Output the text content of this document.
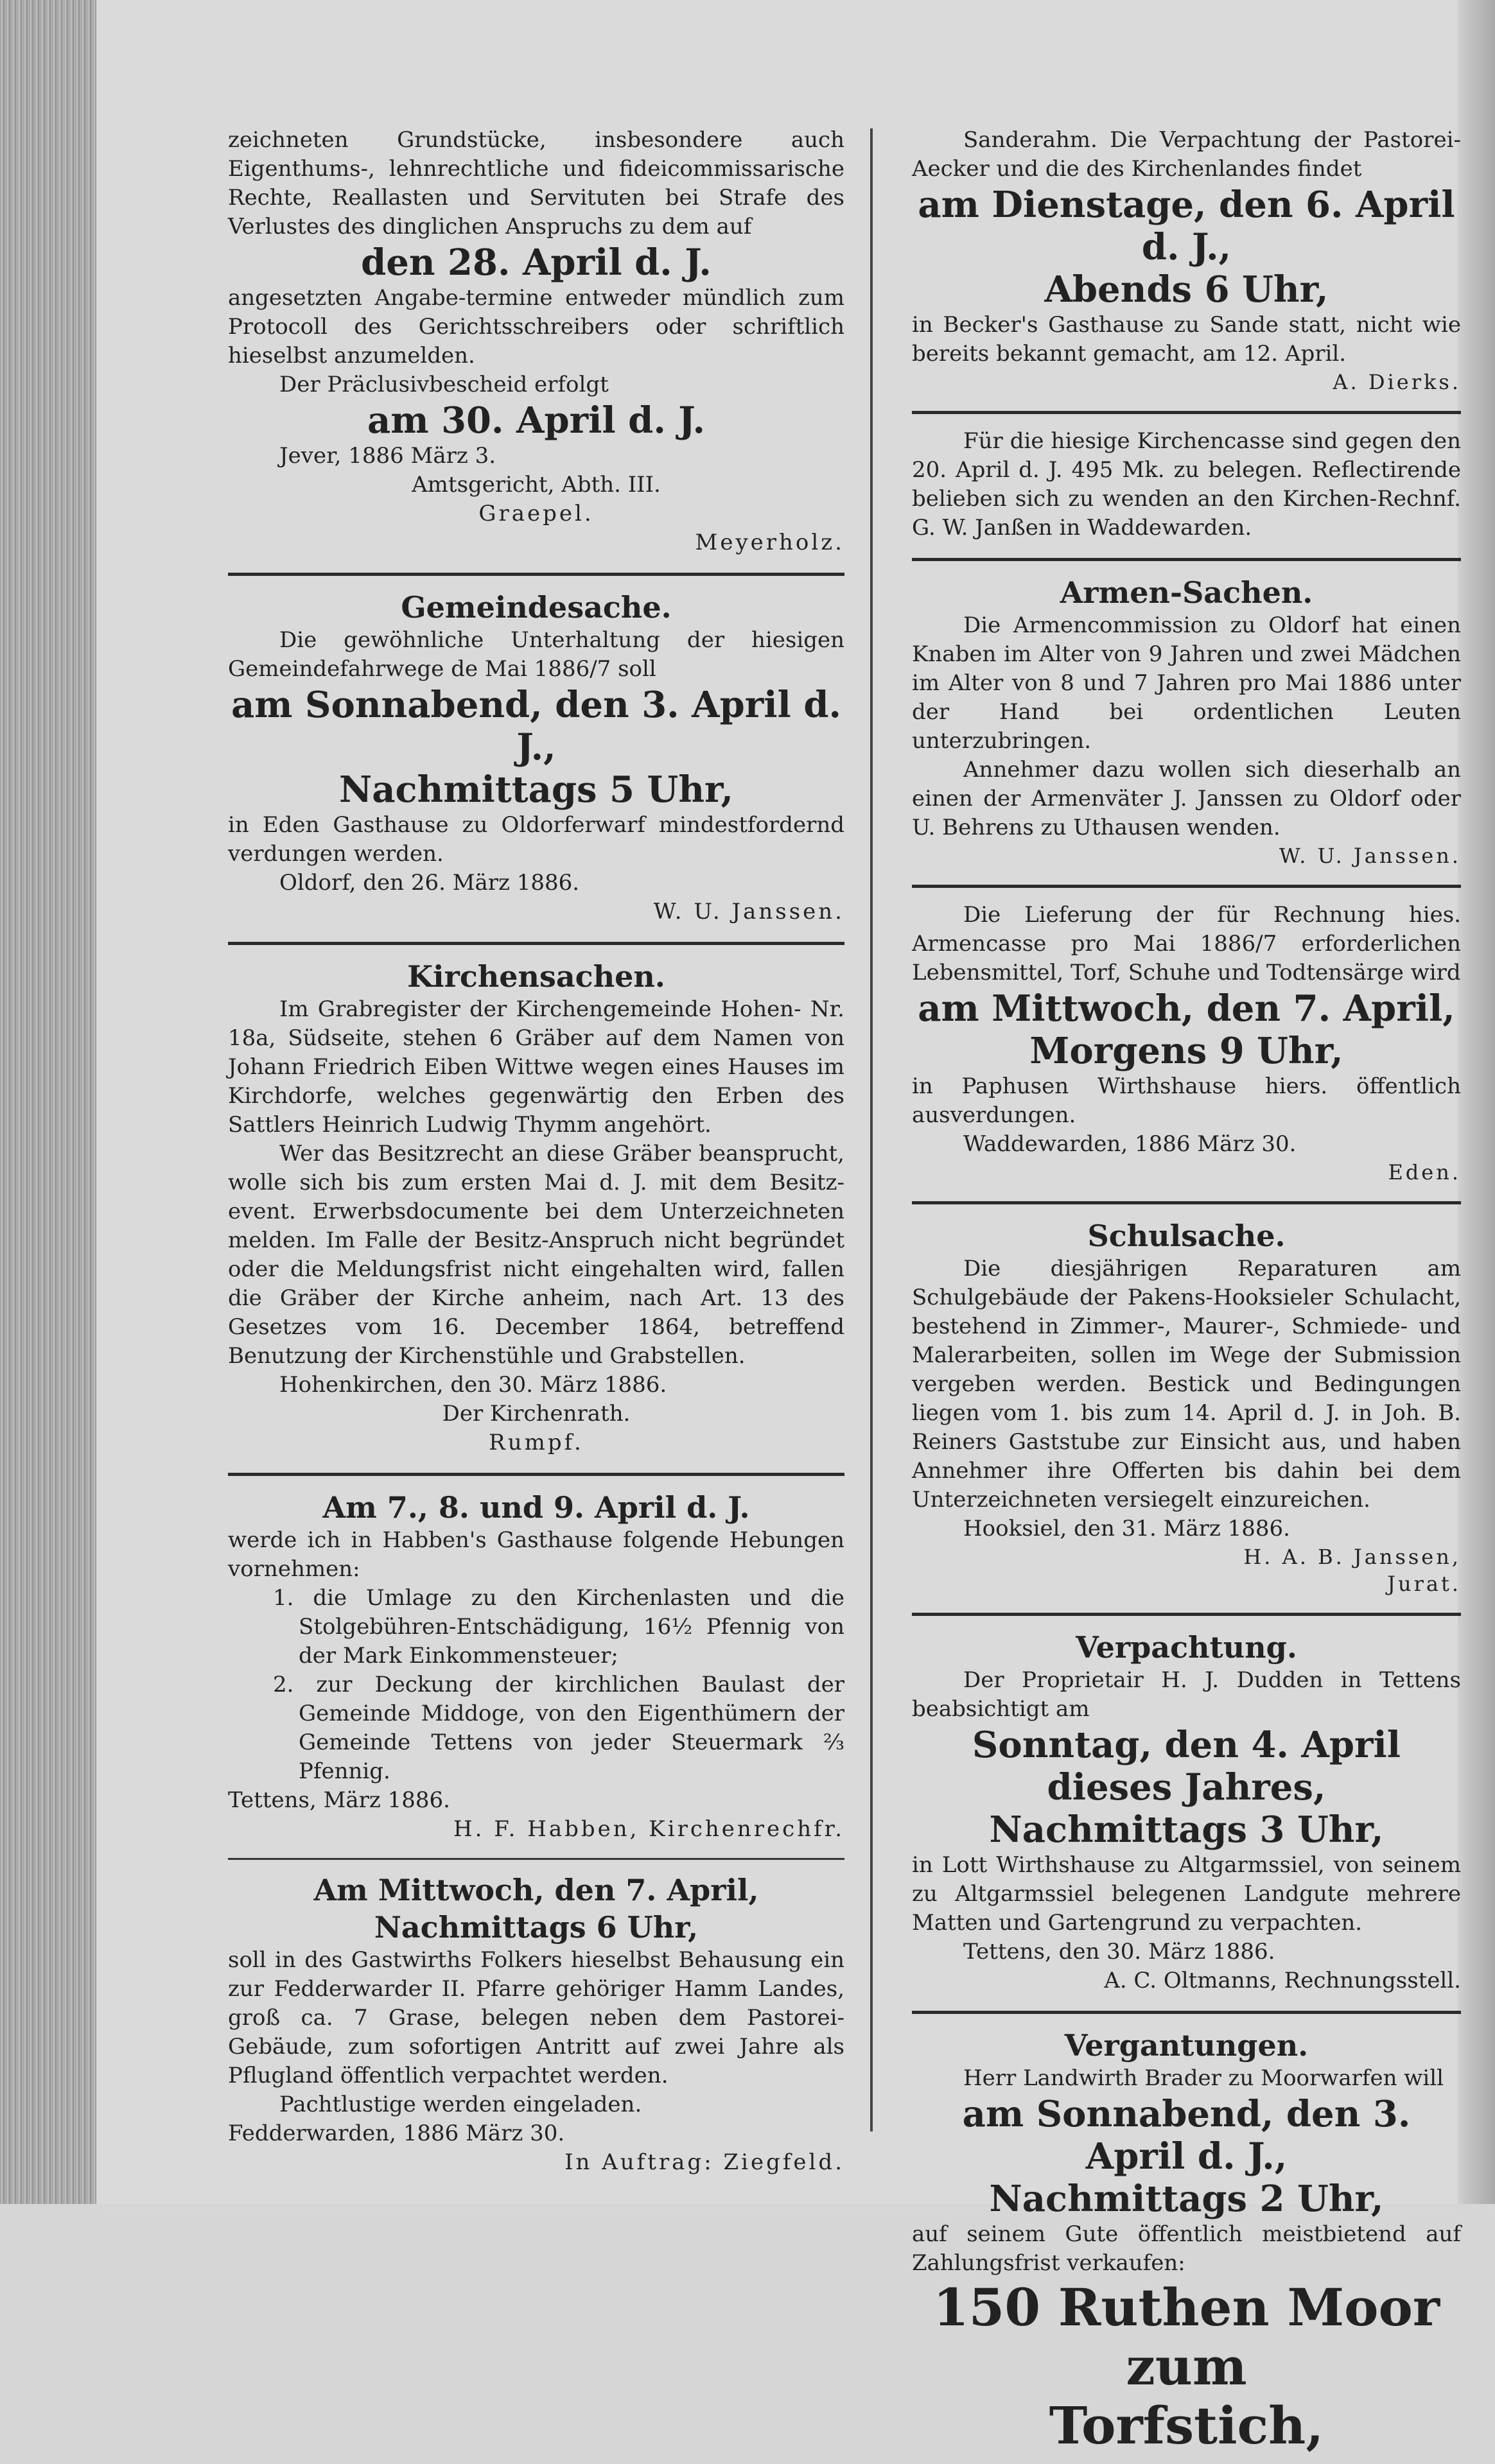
zeichneten Grundstücke, insbesondere auch Eigenthums-, lehnrechtliche und fideicommissarische Rechte, Reallasten und Servituten bei Strafe des Verlustes des dinglichen Anspruchs zu dem auf

den 28. April d. J.

angesetzten Angabe-termine entweder mündlich zum Protocoll des Gerichtsschreibers oder schriftlich hieselbst anzumelden.

Der Präclusivbescheid erfolgt

am 30. April d. J.

Jever, 1886 März 3.

Amtsgericht, Abth. III.

Graepel.

Meyerholz.

Gemeindesache.

Die gewöhnliche Unterhaltung der hiesigen Gemeindefahrwege de Mai 1886/7 soll

am Sonnabend, den 3. April d. J.,

Nachmittags 5 Uhr,

in Eden Gasthause zu Oldorferwarf mindestfordernd verdungen werden.

Oldorf, den 26. März 1886.

W. U. Janssen.

Kirchensachen.

Im Grabregister der Kirchengemeinde Hohen- Nr. 18a, Südseite, stehen 6 Gräber auf dem Namen von Johann Friedrich Eiben Wittwe wegen eines Hauses im Kirchdorfe, welches gegenwärtig den Erben des Sattlers Heinrich Ludwig Thymm angehört.

Wer das Besitzrecht an diese Gräber beansprucht, wolle sich bis zum ersten Mai d. J. mit dem Besitz- event. Erwerbsdocumente bei dem Unterzeichneten melden. Im Falle der Besitz-Anspruch nicht begründet oder die Meldungsfrist nicht eingehalten wird, fallen die Gräber der Kirche anheim, nach Art. 13 des Gesetzes vom 16. December 1864, betreffend Benutzung der Kirchenstühle und Grabstellen.

Hohenkirchen, den 30. März 1886.

Der Kirchenrath.

Rumpf.

Am 7., 8. und 9. April d. J.

werde ich in Habben's Gasthause folgende Hebungen vornehmen:

1. die Umlage zu den Kirchenlasten und die Stolgebühren-Entschädigung, 16½ Pfennig von der Mark Einkommensteuer;

2. zur Deckung der kirchlichen Baulast der Gemeinde Middoge, von den Eigenthümern der Gemeinde Tettens von jeder Steuermark ⅔ Pfennig.

Tettens, März 1886.

H. F. Habben, Kirchenrechfr.

Am Mittwoch, den 7. April,

Nachmittags 6 Uhr,

soll in des Gastwirths Folkers hieselbst Behausung ein zur Fedderwarder II. Pfarre gehöriger Hamm Landes, groß ca. 7 Grase, belegen neben dem Pastorei-Gebäude, zum sofortigen Antritt auf zwei Jahre als Pflugland öffentlich verpachtet werden.

Pachtlustige werden eingeladen.

Fedderwarden, 1886 März 30.

In Auftrag: Ziegfeld.

Sanderahm. Die Verpachtung der Pastorei-Aecker und die des Kirchenlandes findet

am Dienstage, den 6. April d. J.,

Abends 6 Uhr,

in Becker's Gasthause zu Sande statt, nicht wie bereits bekannt gemacht, am 12. April.

A. Dierks.

Für die hiesige Kirchencasse sind gegen den 20. April d. J. 495 Mk. zu belegen. Reflectirende belieben sich zu wenden an den Kirchen-Rechnf. G. W. Janßen in Waddewarden.

Armen-Sachen.

Die Armencommission zu Oldorf hat einen Knaben im Alter von 9 Jahren und zwei Mädchen im Alter von 8 und 7 Jahren pro Mai 1886 unter der Hand bei ordentlichen Leuten unterzubringen.

Annehmer dazu wollen sich dieserhalb an einen der Armenväter J. Janssen zu Oldorf oder U. Behrens zu Uthausen wenden.

W. U. Janssen.

Die Lieferung der für Rechnung hies. Armencasse pro Mai 1886/7 erforderlichen Lebensmittel, Torf, Schuhe und Todtensärge wird

am Mittwoch, den 7. April,

Morgens 9 Uhr,

in Paphusen Wirthshause hiers. öffentlich ausverdungen.

Waddewarden, 1886 März 30.

Eden.

Schulsache.

Die diesjährigen Reparaturen am Schulgebäude der Pakens-Hooksieler Schulacht, bestehend in Zimmer-, Maurer-, Schmiede- und Malerarbeiten, sollen im Wege der Submission vergeben werden. Bestick und Bedingungen liegen vom 1. bis zum 14. April d. J. in Joh. B. Reiners Gaststube zur Einsicht aus, und haben Annehmer ihre Offerten bis dahin bei dem Unterzeichneten versiegelt einzureichen.

Hooksiel, den 31. März 1886.

H. A. B. Janssen,

Jurat.

Verpachtung.

Der Proprietair H. J. Dudden in Tettens beabsichtigt am

Sonntag, den 4. April dieses Jahres,

Nachmittags 3 Uhr,

in Lott Wirthshause zu Altgarmssiel, von seinem zu Altgarmssiel belegenen Landgute mehrere Matten und Gartengrund zu verpachten.

Tettens, den 30. März 1886.

A. C. Oltmanns, Rechnungsstell.

Vergantungen.

Herr Landwirth Brader zu Moorwarfen will

am Sonnabend, den 3. April d. J.,

Nachmittags 2 Uhr,

auf seinem Gute öffentlich meistbietend auf Zahlungsfrist verkaufen:

150 Ruthen Moor zum

Torfstich,
